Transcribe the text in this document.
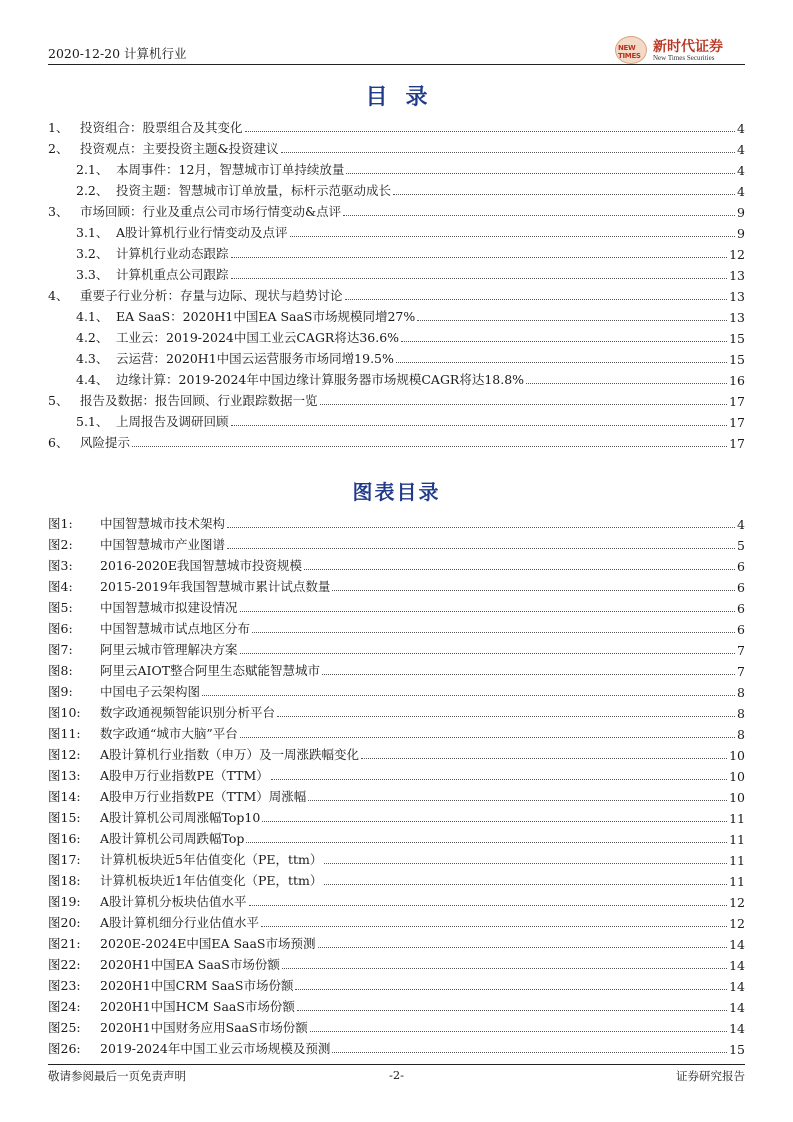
2020-12-20 计算机行业	NEW TIMES
新时代证券
New Times Securities
目录
1、 投资组合：股票组合及其变化	4
2、 投资观点：主要投资主题&投资建议	4
2.1、 本周事件：12月，智慧城市订单持续放量	4
2.2、 投资主题：智慧城市订单放量，标杆示范驱动成长	4
3、 市场回顾：行业及重点公司市场行情变动&点评	9
3.1、 A股计算机行业行情变动及点评	9
3.2、 计算机行业动态跟踪	12
3.3、 计算机重点公司跟踪	13
4、 重要子行业分析：存量与边际、现状与趋势讨论	13
4.1、 EA SaaS：2020H1中国EA SaaS市场规模同增27%	13
4.2、 工业云：2019-2024中国工业云CAGR将达36.6%	15
4.3、 云运营：2020H1中国云运营服务市场同增19.5%	15
4.4、 边缘计算：2019-2024年中国边缘计算服务器市场规模CAGR将达18.8%	16
5、 报告及数据：报告回顾、行业跟踪数据一览	17
5.1、 上周报告及调研回顾	17
6、 风险提示	17
图表目录
图1:	中国智慧城市技术架构	4
图2:	中国智慧城市产业图谱	5
图3:	2016-2020E我国智慧城市投资规模	6
图4:	2015-2019年我国智慧城市累计试点数量	6
图5:	中国智慧城市拟建设情况	6
图6:	中国智慧城市试点地区分布	6
图7:	阿里云城市管理解决方案	7
图8:	阿里云AIOT整合阿里生态赋能智慧城市	7
图9:	中国电子云架构图	8
图10:	数字政通视频智能识别分析平台	8
图11:	数字政通“城市大脑”平台	8
图12:	A股计算机行业指数（申万）及一周涨跌幅变化	10
图13:	A股申万行业指数PE（TTM）	10
图14:	A股申万行业指数PE（TTM）周涨幅	10
图15:	A股计算机公司周涨幅Top10	11
图16:	A股计算机公司周跌幅Top	11
图17:	计算机板块近5年估值变化（PE，ttm）	11
图18:	计算机板块近1年估值变化（PE，ttm）	11
图19:	A股计算机分板块估值水平	12
图20:	A股计算机细分行业估值水平	12
图21:	2020E-2024E中国EA SaaS市场预测	14
图22:	2020H1中国EA SaaS市场份额	14
图23:	2020H1中国CRM SaaS市场份额	14
图24:	2020H1中国HCM SaaS市场份额	14
图25:	2020H1中国财务应用SaaS市场份额	14
图26:	2019-2024年中国工业云市场规模及预测	15
敬请参阅最后一页免责声明	-2-	证券研究报告
